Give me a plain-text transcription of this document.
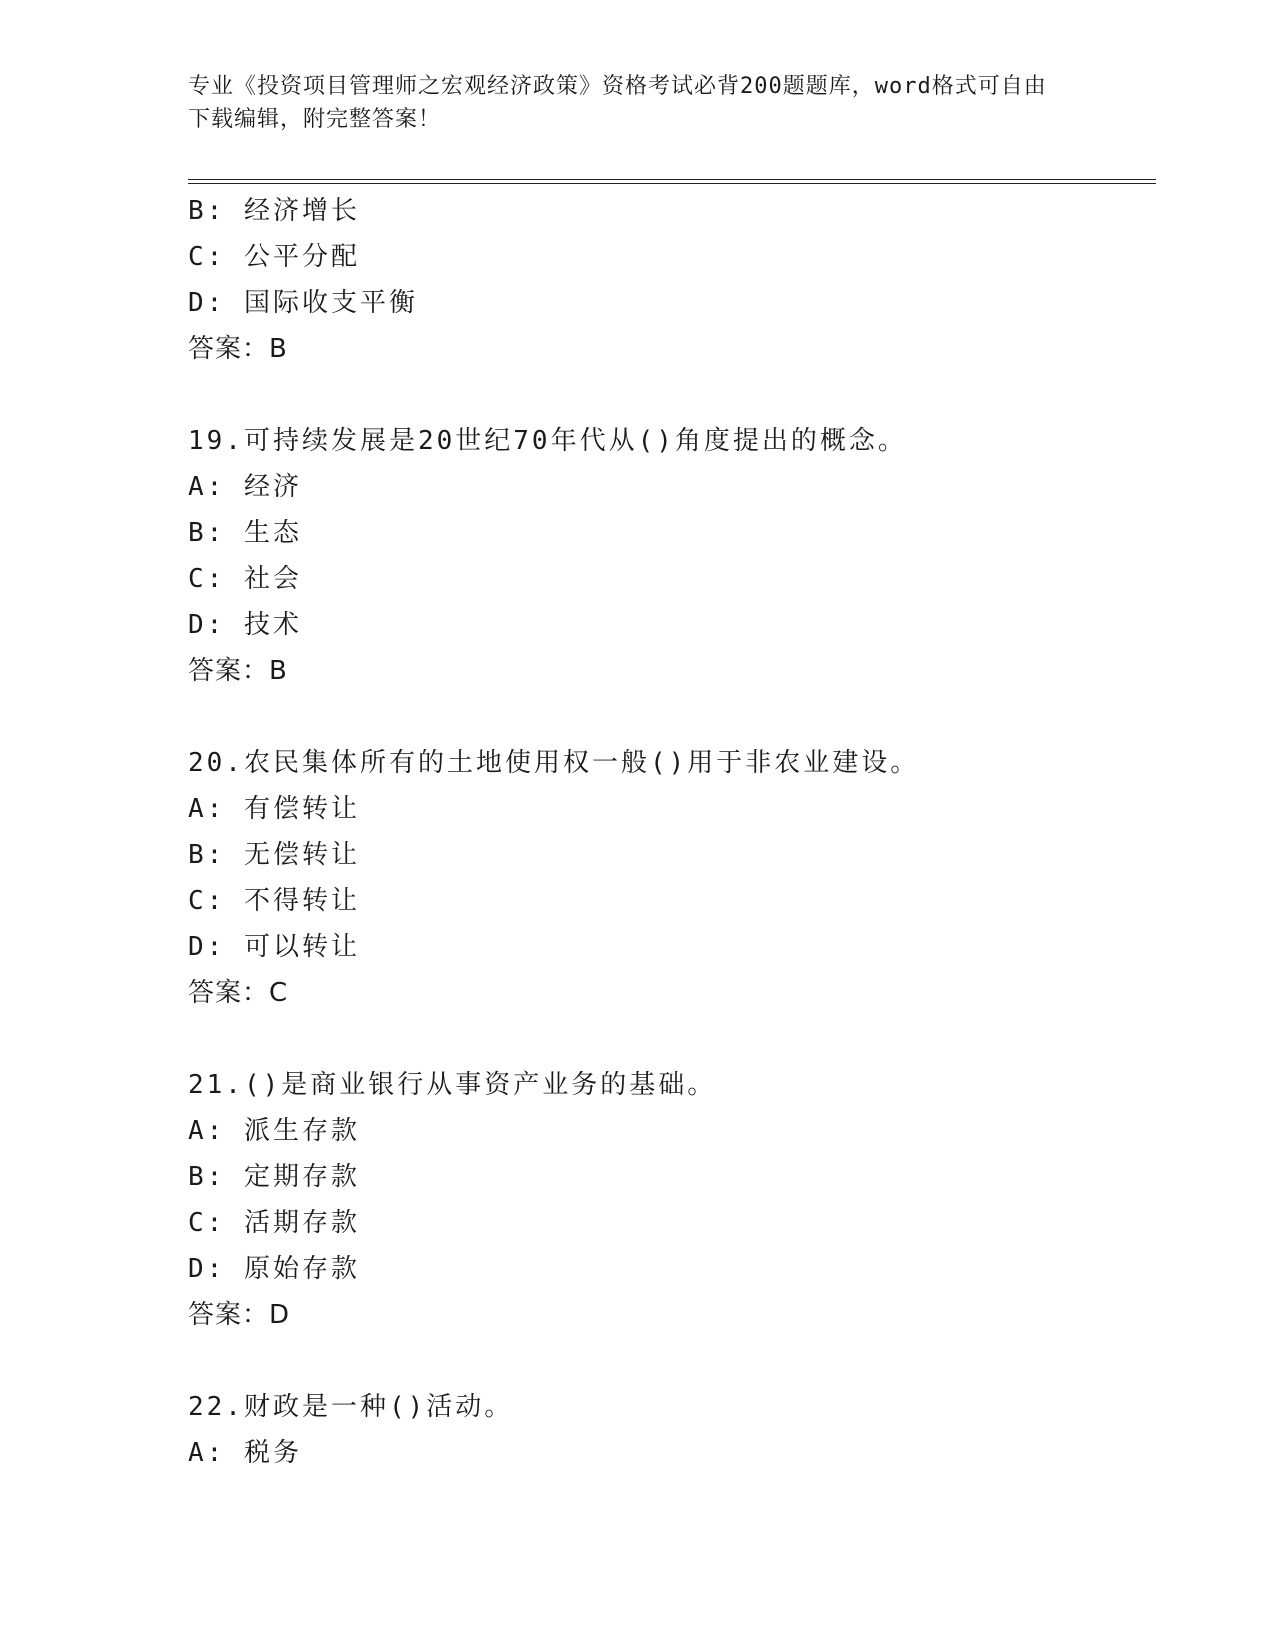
专业《投资项目管理师之宏观经济政策》资格考试必背200题题库，word格式可自由下载编辑，附完整答案！
B: 经济增长
C: 公平分配
D: 国际收支平衡
答案：B
19.可持续发展是20世纪70年代从()角度提出的概念。
A: 经济
B: 生态
C: 社会
D: 技术
答案：B
20.农民集体所有的土地使用权一般()用于非农业建设。
A: 有偿转让
B: 无偿转让
C: 不得转让
D: 可以转让
答案：C
21.()是商业银行从事资产业务的基础。
A: 派生存款
B: 定期存款
C: 活期存款
D: 原始存款
答案：D
22.财政是一种()活动。
A: 税务
